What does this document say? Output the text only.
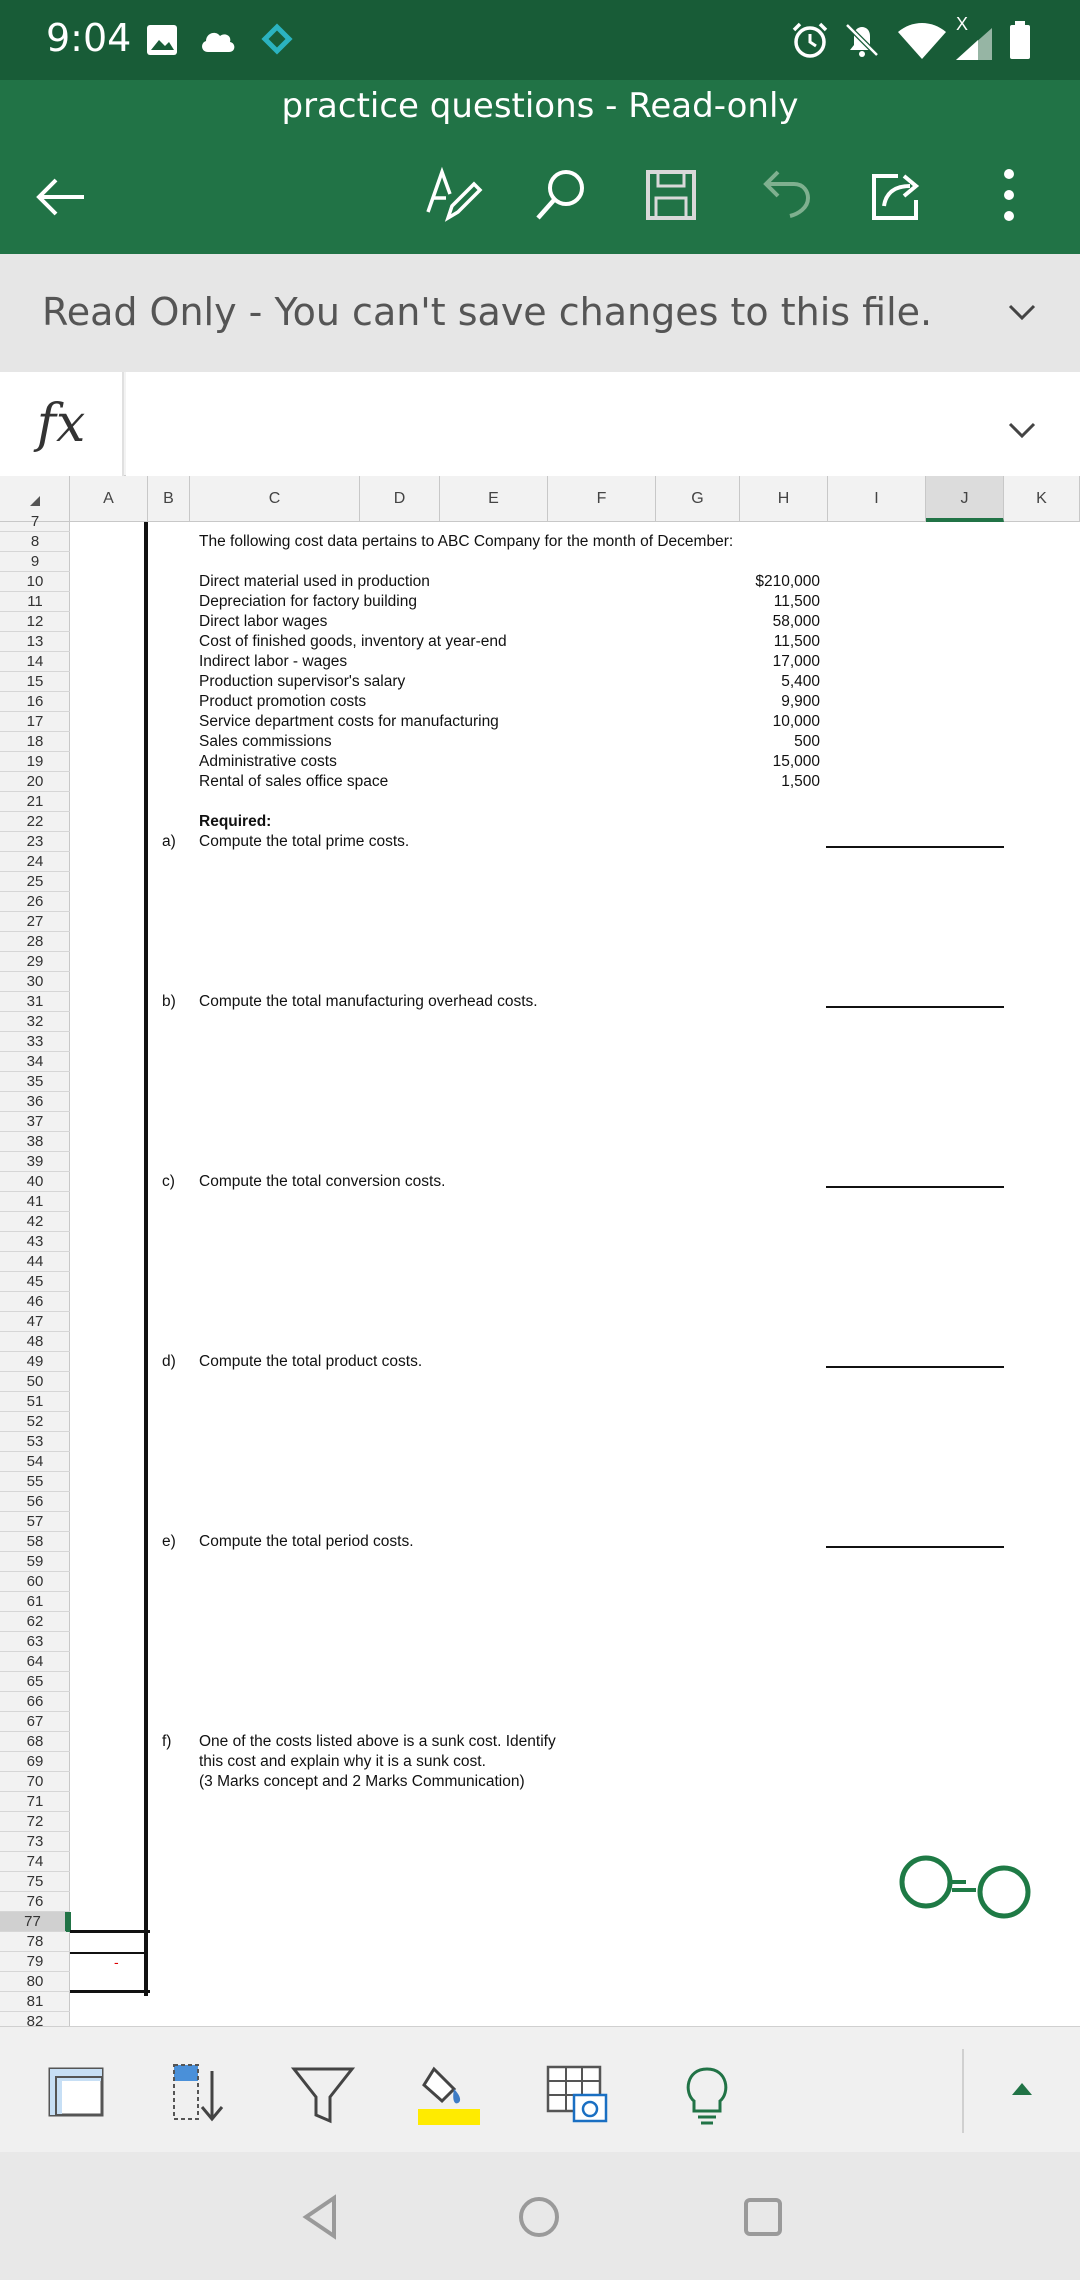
9:04	X
practice questions - Read-only
Read Only - You can't save changes to this file.
fx
A	B	C	D	E	F	G	H	I	J	K
7
8
9
10
11
12
13
14
15
16
17
18
19
20
21
22
23
24
25
26
27
28
29
30
31
32
33
34
35
36
37
38
39
40
41
42
43
44
45
46
47
48
49
50
51
52
53
54
55
56
57
58
59
60
61
62
63
64
65
66
67
68
69
70
71
72
73
74
75
76
77
78
79
80
81
82
The following cost data pertains to ABC Company for the month of December:
Direct material used in production	$210,000
Depreciation for factory building	11,500
Direct labor wages	58,000
Cost of finished goods, inventory at year-end	11,500
Indirect labor - wages	17,000
Production supervisor's salary	5,400
Product promotion costs	9,900
Service department costs for manufacturing	10,000
Sales commissions	500
Administrative costs	15,000
Rental of sales office space	1,500
Required:
a) Compute the total prime costs.
b) Compute the total manufacturing overhead costs.
c) Compute the total conversion costs.
d) Compute the total product costs.
e) Compute the total period costs.
f) One of the costs listed above is a sunk cost. Identify
this cost and explain why it is a sunk cost.
(3 Marks concept and 2 Marks Communication)
-
